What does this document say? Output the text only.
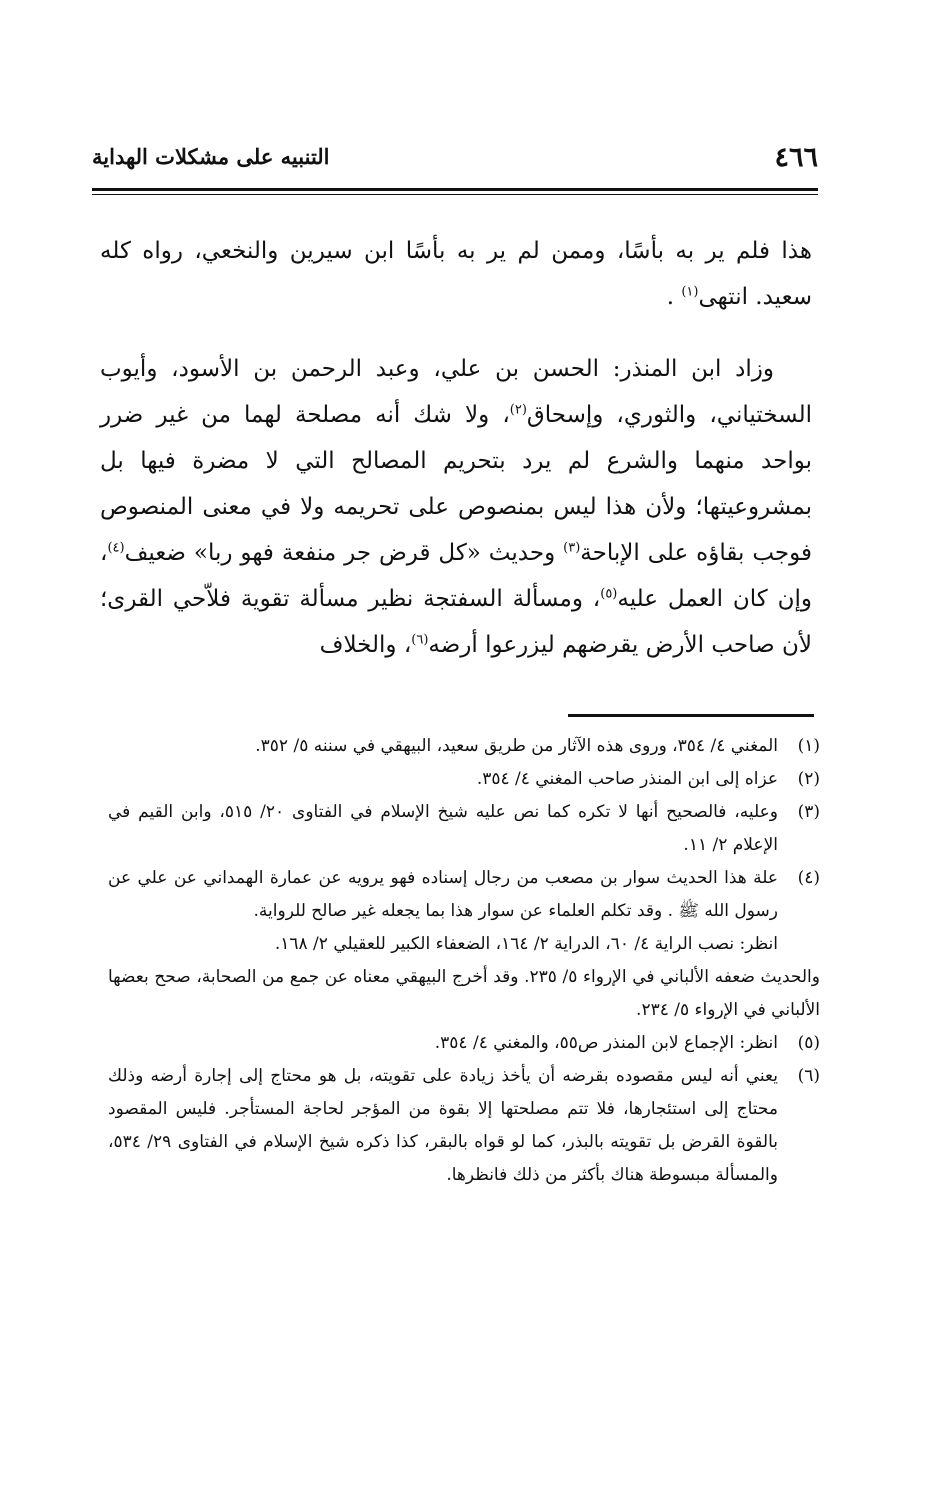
٤٦٦
التنبيه على مشكلات الهداية

هذا فلم ير به بأسًا، وممن لم ير به بأسًا ابن سيرين والنخعي، رواه كله سعيد. انتهى$^{(١)}$ .

وزاد ابن المنذر: الحسن بن علي، وعبد الرحمن بن الأسود، وأيوب السختياني، والثوري، وإسحاق$^{(٢)}$، ولا شك أنه مصلحة لهما من غير ضرر بواحد منهما والشرع لم يرد بتحريم المصالح التي لا مضرة فيها بل بمشروعيتها؛ ولأن هذا ليس بمنصوص على تحريمه ولا في معنى المنصوص فوجب بقاؤه على الإباحة$^{(٣)}$ وحديث «كل قرض جر منفعة فهو ربا» ضعيف$^{(٤)}$، وإن كان العمل عليه$^{(٥)}$، ومسألة السفتجة نظير مسألة تقوية فلاّحي القرى؛ لأن صاحب الأرض يقرضهم ليزرعوا أرضه$^{(٦)}$، والخلاف

(١)
المغني ٤/ ٣٥٤، وروى هذه الآثار من طريق سعيد، البيهقي في سننه ٥/ ٣٥٢.

(٢)
عزاه إلى ابن المنذر صاحب المغني ٤/ ٣٥٤.

(٣)
وعليه، فالصحيح أنها لا تكره كما نص عليه شيخ الإسلام في الفتاوى ٢٠/ ٥١٥، وابن القيم في الإعلام ٢/ ١١.

(٤)
علة هذا الحديث سوار بن مصعب من رجال إسناده فهو يرويه عن عمارة الهمداني عن علي عن رسول الله ﷺ . وقد تكلم العلماء عن سوار هذا بما يجعله غير صالح للرواية.

انظر: نصب الراية ٤/ ٦٠، الدراية ٢/ ١٦٤، الضعفاء الكبير للعقيلي ٢/ ١٦٨.

والحديث ضعفه الألباني في الإرواء ٥/ ٢٣٥. وقد أخرج البيهقي معناه عن جمع من الصحابة، صحح بعضها الألباني في الإرواء ٥/ ٢٣٤.

(٥)
انظر: الإجماع لابن المنذر ص٥٥، والمغني ٤/ ٣٥٤.

(٦)
يعني أنه ليس مقصوده بقرضه أن يأخذ زيادة على تقويته، بل هو محتاج إلى إجارة أرضه وذلك محتاج إلى استئجارها، فلا تتم مصلحتها إلا بقوة من المؤجر لحاجة المستأجر. فليس المقصود بالقوة القرض بل تقويته بالبذر، كما لو قواه بالبقر، كذا ذكره شيخ الإسلام في الفتاوى ٢٩/ ٥٣٤، والمسألة مبسوطة هناك بأكثر من ذلك فانظرها.
